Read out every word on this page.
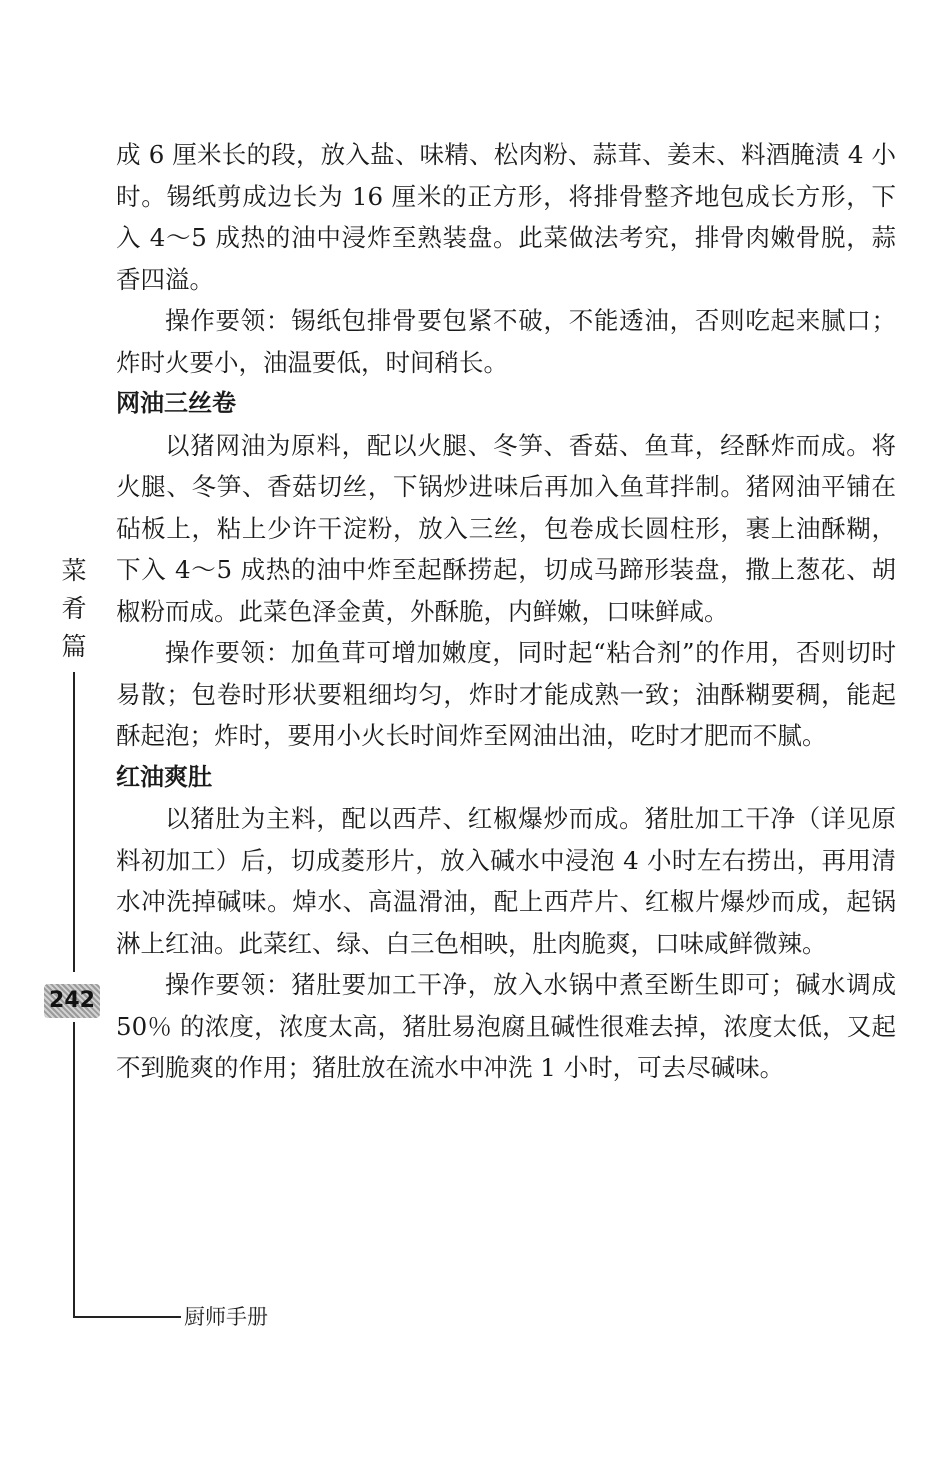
菜
肴
篇
242
厨师手册

成 6 厘米长的段，放入盐、味精、松肉粉、蒜茸、姜末、料酒腌渍 4 小时。锡纸剪成边长为 16 厘米的正方形，将排骨整齐地包成长方形，下入 4～5 成热的油中浸炸至熟装盘。此菜做法考究，排骨肉嫩骨脱，蒜香四溢。

操作要领：锡纸包排骨要包紧不破，不能透油，否则吃起来腻口；炸时火要小，油温要低，时间稍长。

网油三丝卷

以猪网油为原料，配以火腿、冬笋、香菇、鱼茸，经酥炸而成。将火腿、冬笋、香菇切丝，下锅炒进味后再加入鱼茸拌制。猪网油平铺在砧板上，粘上少许干淀粉，放入三丝，包卷成长圆柱形，裹上油酥糊，下入 4～5 成热的油中炸至起酥捞起，切成马蹄形装盘，撒上葱花、胡椒粉而成。此菜色泽金黄，外酥脆，内鲜嫩，口味鲜咸。

操作要领：加鱼茸可增加嫩度，同时起“粘合剂”的作用，否则切时易散；包卷时形状要粗细均匀，炸时才能成熟一致；油酥糊要稠，能起酥起泡；炸时，要用小火长时间炸至网油出油，吃时才肥而不腻。

红油爽肚

以猪肚为主料，配以西芹、红椒爆炒而成。猪肚加工干净（详见原料初加工）后，切成菱形片，放入碱水中浸泡 4 小时左右捞出，再用清水冲洗掉碱味。焯水、高温滑油，配上西芹片、红椒片爆炒而成，起锅淋上红油。此菜红、绿、白三色相映，肚肉脆爽，口味咸鲜微辣。

操作要领：猪肚要加工干净，放入水锅中煮至断生即可；碱水调成 50％ 的浓度，浓度太高，猪肚易泡腐且碱性很难去掉，浓度太低，又起不到脆爽的作用；猪肚放在流水中冲洗 1 小时，可去尽碱味。
